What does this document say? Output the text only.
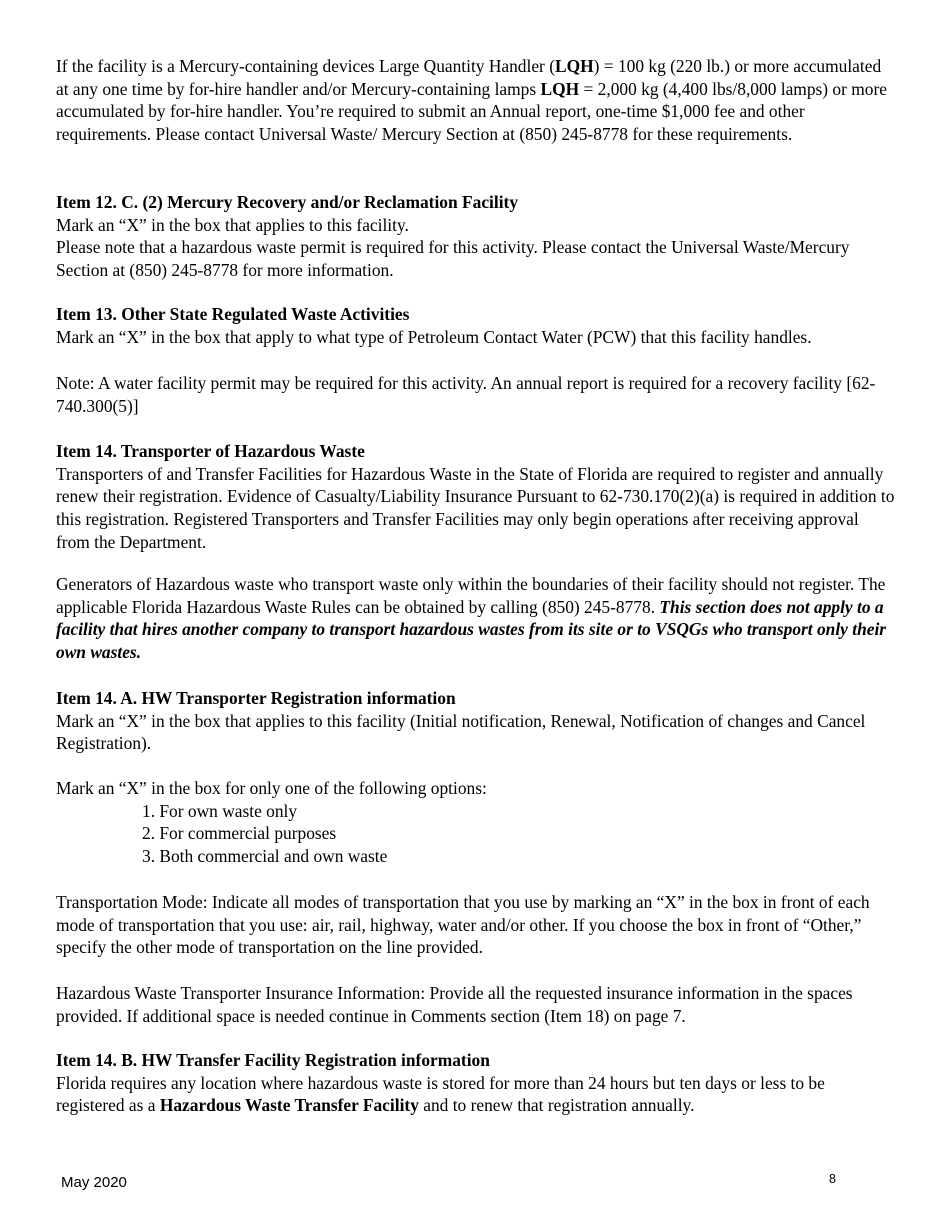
If the facility is a Mercury-containing devices Large Quantity Handler (LQH) = 100 kg (220 lb.) or more accumulated at any one time by for-hire handler and/or Mercury-containing lamps LQH = 2,000 kg (4,400 lbs/8,000 lamps) or more accumulated by for-hire handler. You’re required to submit an Annual report, one-time $1,000 fee and other requirements. Please contact Universal Waste/ Mercury Section at (850) 245-8778 for these requirements.

Item 12. C. (2) Mercury Recovery and/or Reclamation Facility

Mark an “X” in the box that applies to this facility.

Please note that a hazardous waste permit is required for this activity. Please contact the Universal Waste/Mercury Section at (850) 245-8778 for more information.

Item 13. Other State Regulated Waste Activities

Mark an “X” in the box that apply to what type of Petroleum Contact Water (PCW) that this facility handles.

Note: A water facility permit may be required for this activity. An annual report is required for a recovery facility [62-740.300(5)]

Item 14. Transporter of Hazardous Waste

Transporters of and Transfer Facilities for Hazardous Waste in the State of Florida are required to register and annually renew their registration. Evidence of Casualty/Liability Insurance Pursuant to 62-730.170(2)(a) is required in addition to this registration. Registered Transporters and Transfer Facilities may only begin operations after receiving approval from the Department.

Generators of Hazardous waste who transport waste only within the boundaries of their facility should not register. The applicable Florida Hazardous Waste Rules can be obtained by calling (850) 245-8778. This section does not apply to a facility that hires another company to transport hazardous wastes from its site or to VSQGs who transport only their own wastes.

Item 14. A. HW Transporter Registration information

Mark an “X” in the box that applies to this facility (Initial notification, Renewal, Notification of changes and Cancel Registration).

Mark an “X” in the box for only one of the following options:

1. For own waste only
2. For commercial purposes
3. Both commercial and own waste

Transportation Mode: Indicate all modes of transportation that you use by marking an “X” in the box in front of each mode of transportation that you use: air, rail, highway, water and/or other. If you choose the box in front of “Other,” specify the other mode of transportation on the line provided.

Hazardous Waste Transporter Insurance Information: Provide all the requested insurance information in the spaces provided. If additional space is needed continue in Comments section (Item 18) on page 7.

Item 14. B. HW Transfer Facility Registration information

Florida requires any location where hazardous waste is stored for more than 24 hours but ten days or less to be registered as a Hazardous Waste Transfer Facility and to renew that registration annually.

May 2020	8
